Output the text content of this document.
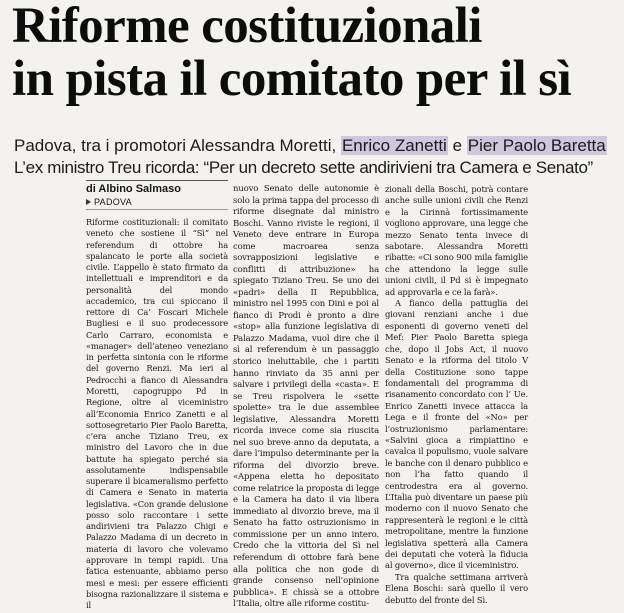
Riforme costituzionali
in pista il comitato per il sì
Padova, tra i promotori Alessandra Moretti, Enrico Zanetti e Pier Paolo Baretta
L’ex ministro Treu ricorda: “Per un decreto sette andirivieni tra Camera e Senato”
di Albino Salmaso
PADOVA

Riforme costituzionali: il comitato veneto che sostiene il “Sì” nel referendum di ottobre ha spalancato le porte alla società civile. L’appello è stato firmato da intellettuali e imprenditori e da personalità del mondo accademico, tra cui spiccano il rettore di Ca’ Foscari Michele Bugliesi e il suo prodecessore Carlo Carraro, economista e «manager» dell’ateneo veneziano in perfetta sintonia con le riforme del governo Renzi. Ma ieri al Pedrocchi a fianco di Alessandra Moretti, capogruppo Pd in Regione, oltre al viceministro all’Economia Enrico Zanetti e al sottosegretario Pier Paolo Baretta, c’era anche Tiziano Treu, ex ministro del Lavoro che in due battute ha spiegato perché sia assolutamente indispensabile superare il bicameralismo perfetto di Camera e Senato in materia legislativa. «Con grande delusione posso solo raccontare i sette andirivieni tra Palazzo Chigi e Palazzo Madama di un decreto in materia di lavoro che volevamo approvare in tempi rapidi. Una fatica estenuante, abbiamo perso mesi e mesi: per essere efficienti bisogna razionalizzare il sistema e il

nuovo Senato delle autonomie è solo la prima tappa del processo di riforme disegnate dal ministro Boschi. Vanno riviste le regioni, il Veneto deve entrare in Europa come macroarea senza sovrapposizioni legislative e conflitti di attribuzione» ha spiegato Tiziano Treu. Se uno dei «padri» della II Repubblica, ministro nel 1995 con Dini e poi al fianco di Prodi è pronto a dire «stop» alla funzione legislativa di Palazzo Madama, vuol dire che il sì al referendum è un passaggio storico ineluttabile, che i partiti hanno rinviato da 35 anni per salvare i privilegi della «casta». E se Treu rispolvera le «sette spolette» tra le due assemblee legislative, Alessandra Moretti ricorda invece come sia riuscita nel suo breve anno da deputata, a dare l’impulso determinante per la riforma del divorzio breve. «Appena eletta ho depositato come relatrice la proposta di legge e la Camera ha dato il via libera immediato al divorzio breve, ma il Senato ha fatto ostruzionismo in commissione per un anno intero. Credo che la vittoria del Sì nel referendum di ottobre farà bene alla politica che non gode di grande consenso nell’opinione pubblica». E chissà se a ottobre l’Italia, oltre alle riforme costitu-

zionali della Boschi, potrà contare anche sulle unioni civili che Renzi e la Cirinnà fortissimamente vogliono approvare, una legge che mezzo Senato tenta invece di sabotare. Alessandra Moretti ribatte: «Ci sono 900 mila famiglie che attendono la legge sulle unioni civili, il Pd si è impegnato ad approvarla e ce la farà».

A fianco della pattuglia dei giovani renziani anche i due esponenti di governo veneti del Mef: Pier Paolo Baretta spiega che, dopo il Jobs Act, il nuovo Senato e la riforma del titolo V della Costituzione sono tappe fondamentali del programma di risanamento concordato con l’ Ue. Enrico Zanetti invece attacca la Lega e il fronte del «No» per l’ostruzionismo parlamentare: «Salvini gioca a rimpiattino e cavalca il populismo, vuole salvare le banche con il denaro pubblico e non l’ha fatto quando il centrodestra era al governo. L’Italia può diventare un paese più moderno con il nuovo Senato che rappresenterà le regioni e le città metropolitane, mentre la funzione legislativa spetterà alla Camera dei deputati che voterà la fiducia al governo», dice il viceministro.

Tra qualche settimana arriverà Elena Boschi: sarà quello il vero debutto del fronte del Sì.
